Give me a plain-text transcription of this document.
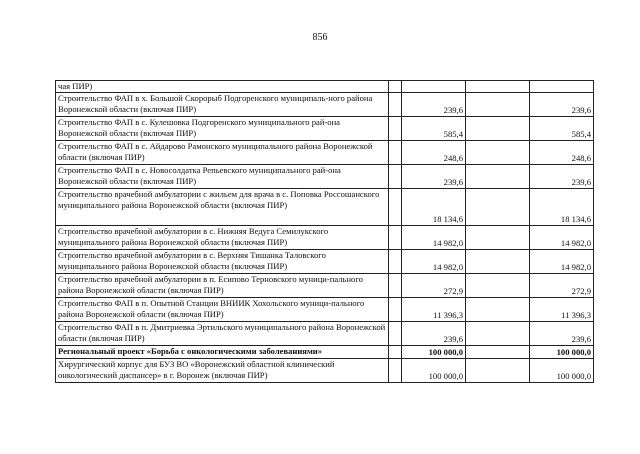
856
чая ПИР)				
Строительство ФАП в х. Большой Скорорыб Подгоренского муниципаль-ного района Воронежской области (включая ПИР)		239,6		239,6
Строительство ФАП в с. Кулешовка Подгоренского муниципального рай-она Воронежской области (включая ПИР)		585,4		585,4
Строительство ФАП в с. Айдарово Рамонского муниципального района Воронежской области (включая ПИР)		248,6		248,6
Строительство ФАП в с. Новосолдатка Репьевского муниципального рай-она Воронежской области (включая ПИР)		239,6		239,6
Строительство врачебной амбулатории с жильем для врача в с. Поповка Россошанского муниципального района Воронежской области (включая ПИР)		18 134,6		18 134,6
Строительство врачебной амбулатории в с. Нижняя Ведуга Семилукского муниципального района Воронежской области (включая ПИР)		14 982,0		14 982,0
Строительство врачебной амбулатории в с. Верхняя Тишанка Таловского муниципального района Воронежской области (включая ПИР)		14 982,0		14 982,0
Строительство врачебной амбулатории в п. Есипово Терновского муници-пального района Воронежской области (включая ПИР)		272,9		272,9
Строительство ФАП в п. Опытной Станции ВНИИК Хохольского муници-пального района Воронежской области (включая ПИР)		11 396,3		11 396,3
Строительство ФАП в п. Дмитриевка Эртильского муниципального района Воронежской области (включая ПИР)		239,6		239,6
Региональный проект «Борьба с онкологическими заболеваниями»		100 000,0		100 000,0
Хирургический корпус для БУЗ ВО «Воронежский областной клинический онкологический диспансер» в г. Воронеж (включая ПИР)		100 000,0		100 000,0
